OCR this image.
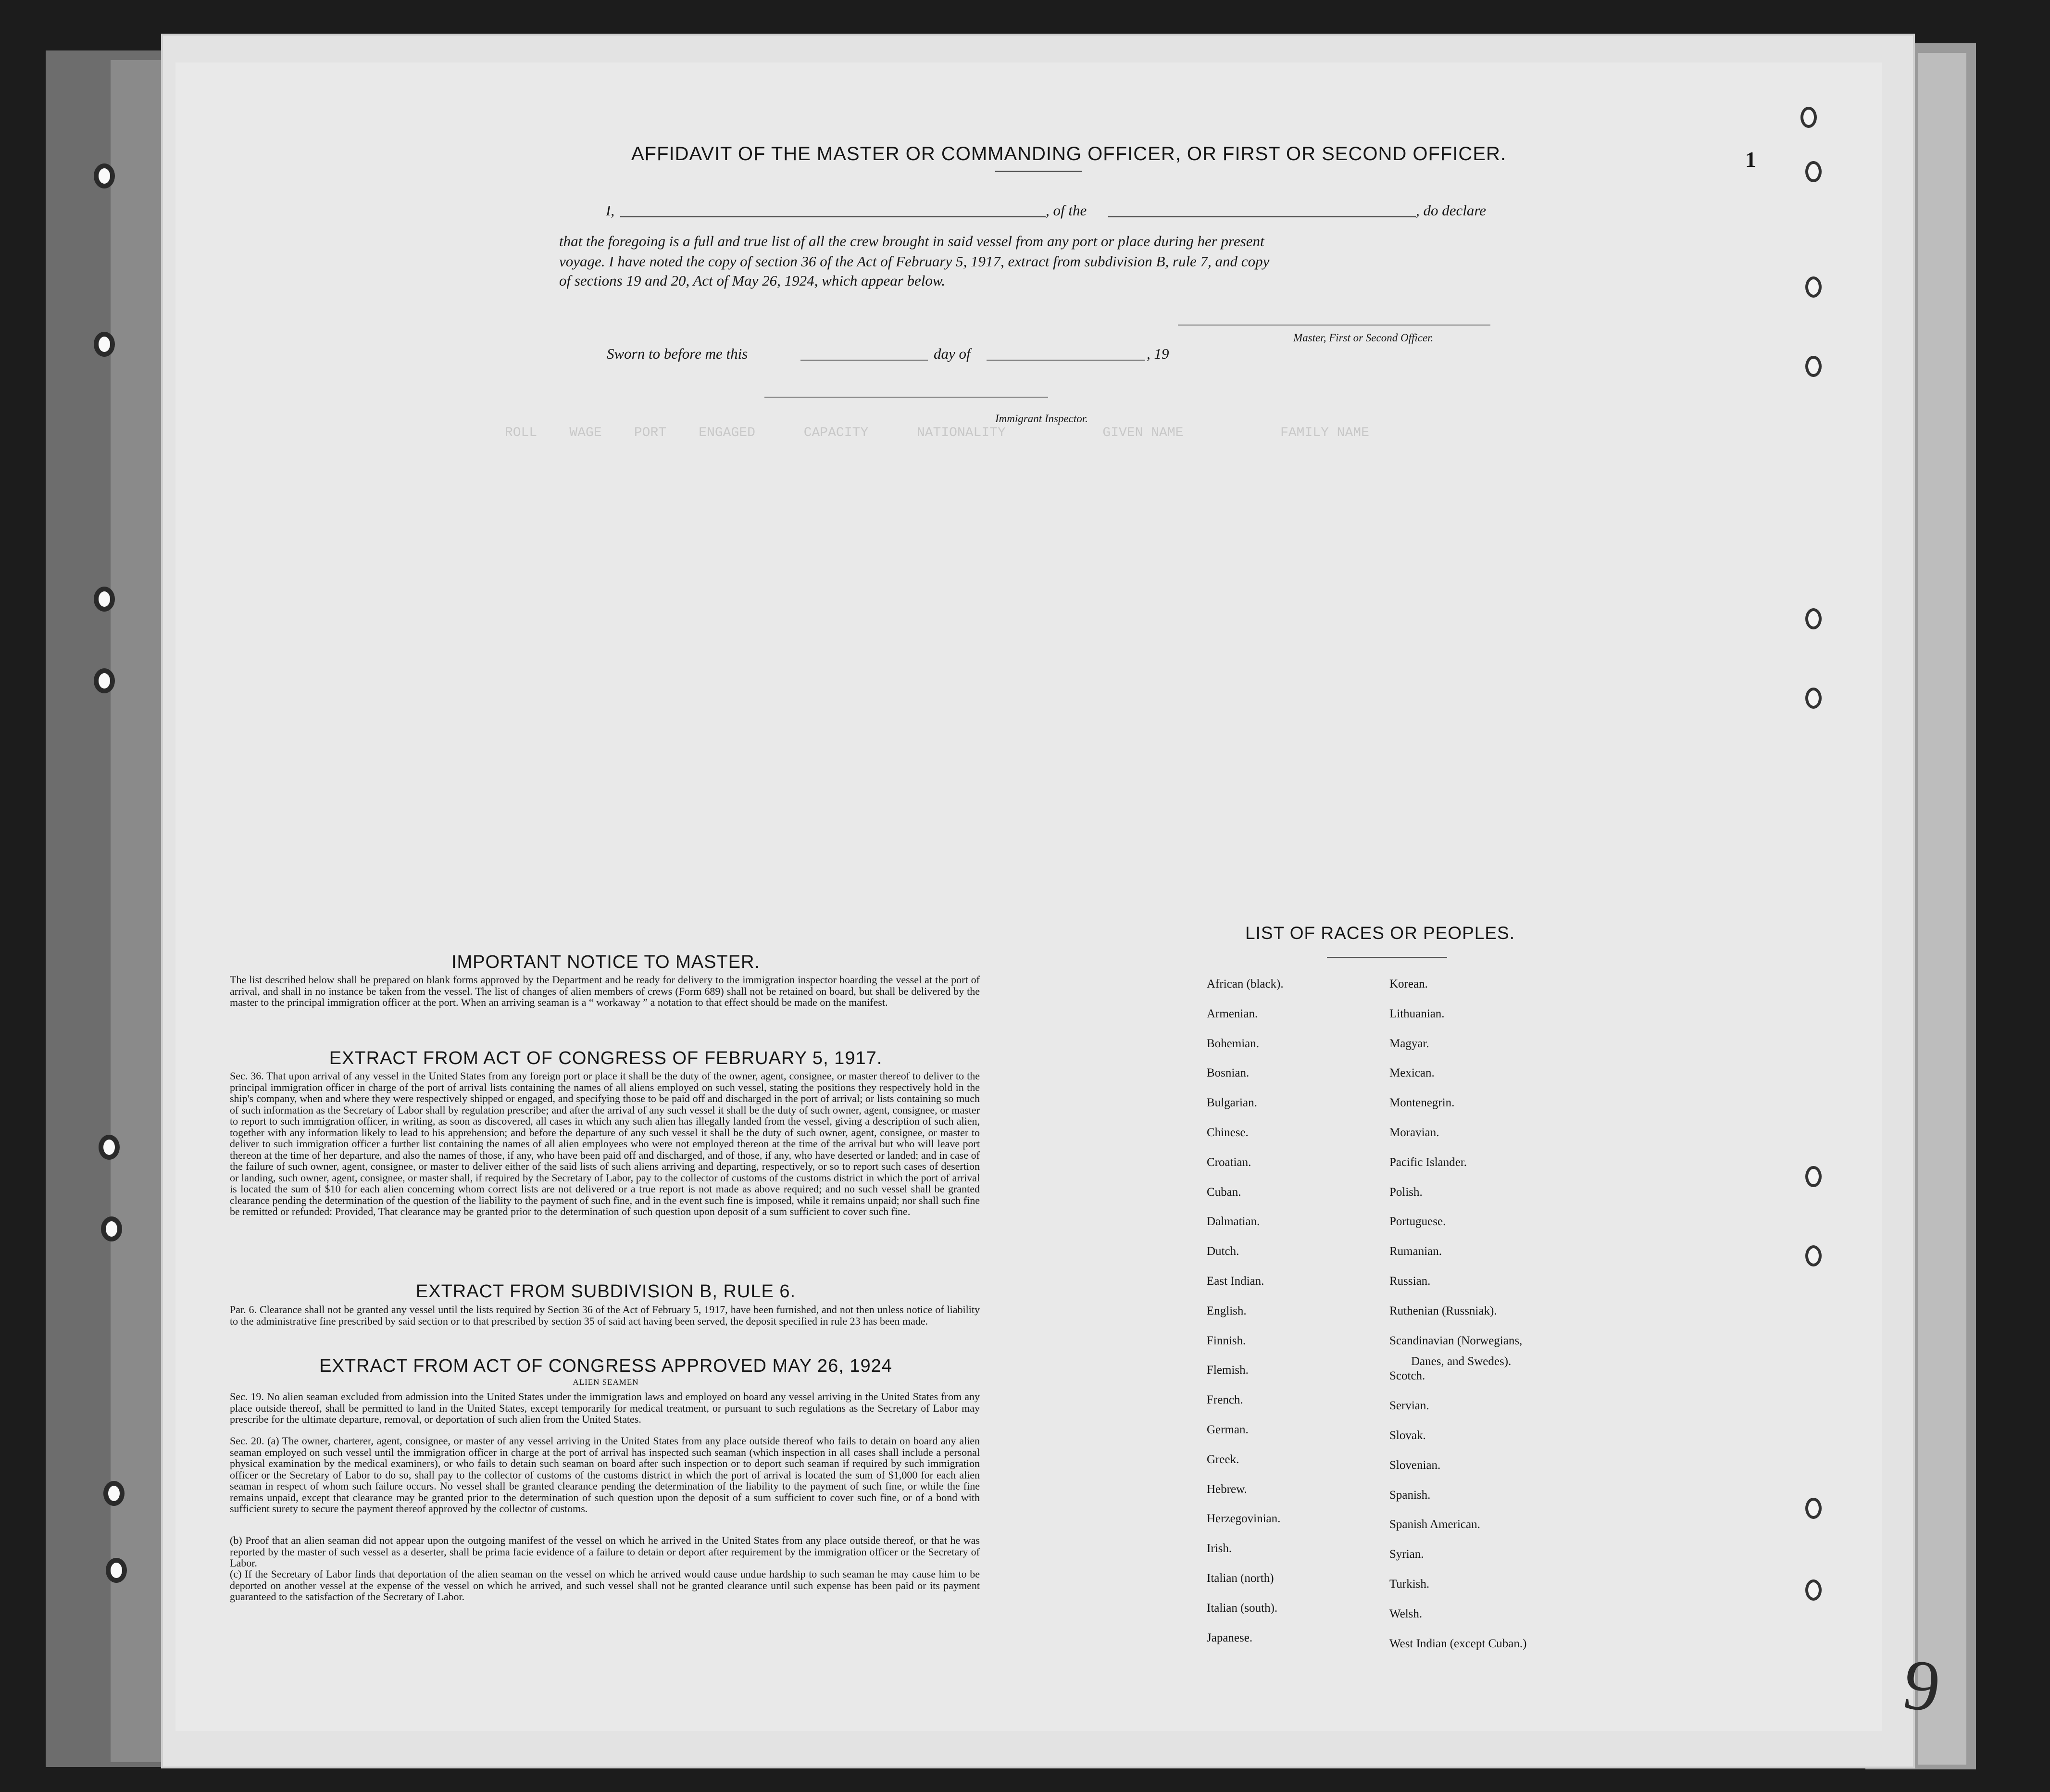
ROLL    WAGE    PORT    ENGAGED      CAPACITY      NATIONALITY            GIVEN NAME            FAMILY NAME
AFFIDAVIT OF THE MASTER OR COMMANDING OFFICER, OR FIRST OR SECOND OFFICER.
I,	, of the	, do declare
that the foregoing is a full and true list of all the crew brought in said vessel from any port or place during her present
voyage. I have noted the copy of section 36 of the Act of February 5, 1917, extract from subdivision B, rule 7, and copy
of sections 19 and 20, Act of May 26, 1924, which appear below.
Master, First or Second Officer.
Sworn to before me this	day of	, 19
Immigrant Inspector.
IMPORTANT NOTICE TO MASTER.
The list described below shall be prepared on blank forms approved by the Department and be ready for delivery to the immigration inspector boarding the vessel at the port of arrival, and shall in no instance be taken from the vessel. The list of changes of alien members of crews (Form 689) shall not be retained on board, but shall be delivered by the master to the principal immigration officer at the port. When an arriving seaman is a “ workaway ” a notation to that effect should be made on the manifest.
EXTRACT FROM ACT OF CONGRESS OF FEBRUARY 5, 1917.
Sec. 36. That upon arrival of any vessel in the United States from any foreign port or place it shall be the duty of the owner, agent, consignee, or master thereof to deliver to the principal immigration officer in charge of the port of arrival lists containing the names of all aliens employed on such vessel, stating the positions they respectively hold in the ship's company, when and where they were respectively shipped or engaged, and specifying those to be paid off and discharged in the port of arrival; or lists containing so much of such information as the Secretary of Labor shall by regulation prescribe; and after the arrival of any such vessel it shall be the duty of such owner, agent, consignee, or master to report to such immigration officer, in writing, as soon as discovered, all cases in which any such alien has illegally landed from the vessel, giving a description of such alien, together with any information likely to lead to his apprehension; and before the departure of any such vessel it shall be the duty of such owner, agent, consignee, or master to deliver to such immigration officer a further list containing the names of all alien employees who were not employed thereon at the time of the arrival but who will leave port thereon at the time of her departure, and also the names of those, if any, who have been paid off and discharged, and of those, if any, who have deserted or landed; and in case of the failure of such owner, agent, consignee, or master to deliver either of the said lists of such aliens arriving and departing, respectively, or so to report such cases of desertion or landing, such owner, agent, consignee, or master shall, if required by the Secretary of Labor, pay to the collector of customs of the customs district in which the port of arrival is located the sum of $10 for each alien concerning whom correct lists are not delivered or a true report is not made as above required; and no such vessel shall be granted clearance pending the determination of the question of the liability to the payment of such fine, and in the event such fine is imposed, while it remains unpaid; nor shall such fine be remitted or refunded: Provided, That clearance may be granted prior to the determination of such question upon deposit of a sum sufficient to cover such fine.
EXTRACT FROM SUBDIVISION B, RULE 6.
Par. 6. Clearance shall not be granted any vessel until the lists required by Section 36 of the Act of February 5, 1917, have been furnished, and not then unless notice of liability to the administrative fine prescribed by said section or to that prescribed by section 35 of said act having been served, the deposit specified in rule 23 has been made.
EXTRACT FROM ACT OF CONGRESS APPROVED MAY 26, 1924
ALIEN SEAMEN
Sec. 19. No alien seaman excluded from admission into the United States under the immigration laws and employed on board any vessel arriving in the United States from any place outside thereof, shall be permitted to land in the United States, except temporarily for medical treatment, or pursuant to such regulations as the Secretary of Labor may prescribe for the ultimate departure, removal, or deportation of such alien from the United States.
Sec. 20. (a) The owner, charterer, agent, consignee, or master of any vessel arriving in the United States from any place outside thereof who fails to detain on board any alien seaman employed on such vessel until the immigration officer in charge at the port of arrival has inspected such seaman (which inspection in all cases shall include a personal physical examination by the medical examiners), or who fails to detain such seaman on board after such inspection or to deport such seaman if required by such immigration officer or the Secretary of Labor to do so, shall pay to the collector of customs of the customs district in which the port of arrival is located the sum of $1,000 for each alien seaman in respect of whom such failure occurs. No vessel shall be granted clearance pending the determination of the liability to the payment of such fine, or while the fine remains unpaid, except that clearance may be granted prior to the determination of such question upon the deposit of a sum sufficient to cover such fine, or of a bond with sufficient surety to secure the payment thereof approved by the collector of customs.
(b) Proof that an alien seaman did not appear upon the outgoing manifest of the vessel on which he arrived in the United States from any place outside thereof, or that he was reported by the master of such vessel as a deserter, shall be prima facie evidence of a failure to detain or deport after requirement by the immigration officer or the Secretary of Labor.
(c) If the Secretary of Labor finds that deportation of the alien seaman on the vessel on which he arrived would cause undue hardship to such seaman he may cause him to be deported on another vessel at the expense of the vessel on which he arrived, and such vessel shall not be granted clearance until such expense has been paid or its payment guaranteed to the satisfaction of the Secretary of Labor.
LIST OF RACES OR PEOPLES.
African (black).
Armenian.
Bohemian.
Bosnian.
Bulgarian.
Chinese.
Croatian.
Cuban.
Dalmatian.
Dutch.
East Indian.
English.
Finnish.
Flemish.
French.
German.
Greek.
Hebrew.
Herzegovinian.
Irish.
Italian (north)
Italian (south).
Japanese.
Korean.
Lithuanian.
Magyar.
Mexican.
Montenegrin.
Moravian.
Pacific Islander.
Polish.
Portuguese.
Rumanian.
Russian.
Ruthenian (Russniak).
Scandinavian (Norwegians,
Scotch.
Servian.
Slovak.
Slovenian.
Spanish.
Spanish American.
Syrian.
Turkish.
Welsh.
West Indian (except Cuban.)
Danes, and Swedes).
1
9
